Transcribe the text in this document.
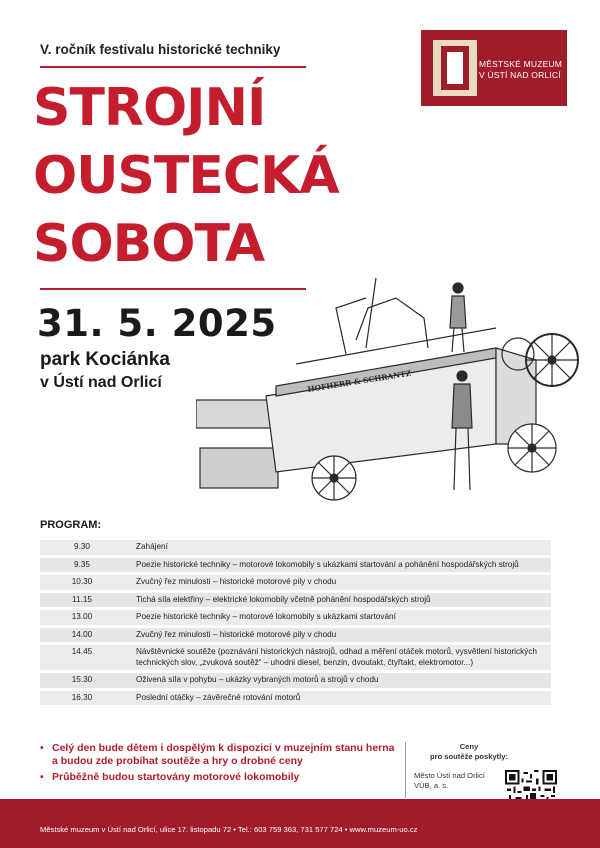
V. ročník festivalu historické techniky
MĚSTSKÉ MUZEUM
V ÚSTÍ NAD ORLICÍ
STROJNÍ
OUSTECKÁ
SOBOTA
31. 5. 2025
park Kociánka
v Ústí nad Orlicí	HOFHERR & SCHRANTZ
PROGRAM:
9.30	Zahájení
9.35	Poezie historické techniky – motorové lokomobily s ukázkami startování a pohánění hospodářských strojů
10.30	Zvučný řez minulosti – historické motorové pily v chodu
11.15	Tichá síla elektřiny – elektrické lokomobily včetně pohánění hospodářských strojů
13.00	Poezie historické techniky – motorové lokomobily s ukázkami startování
14.00	Zvučný řez minulosti – historické motorové pily v chodu
14.45	Návštěvnické soutěže (poznávání historických nástrojů, odhad a měření otáček motorů, vysvětlení historických technických slov, „zvuková soutěž“ – uhodni diesel, benzin, dvoutakt, čtyřtakt, elektromotor...)
15.30	Oživená síla v pohybu – ukázky vybraných motorů a strojů v chodu
16.30	Poslední otáčky – závěrečné rotování motorů
• Celý den bude dětem i dospělým k dispozici v muzejním stanu herna a budou zde probíhat soutěže a hry o drobné ceny
• Průběžně budou startovány motorové lokomobily
Ceny
pro soutěže poskytly:
Město Ústí nad Orlicí
VÚB, a. s.
Městské muzeum v Ústí nad Orlicí, ulice 17. listopadu 72 • Tel.: 603 759 363, 731 577 724 • www.muzeum-uo.cz
